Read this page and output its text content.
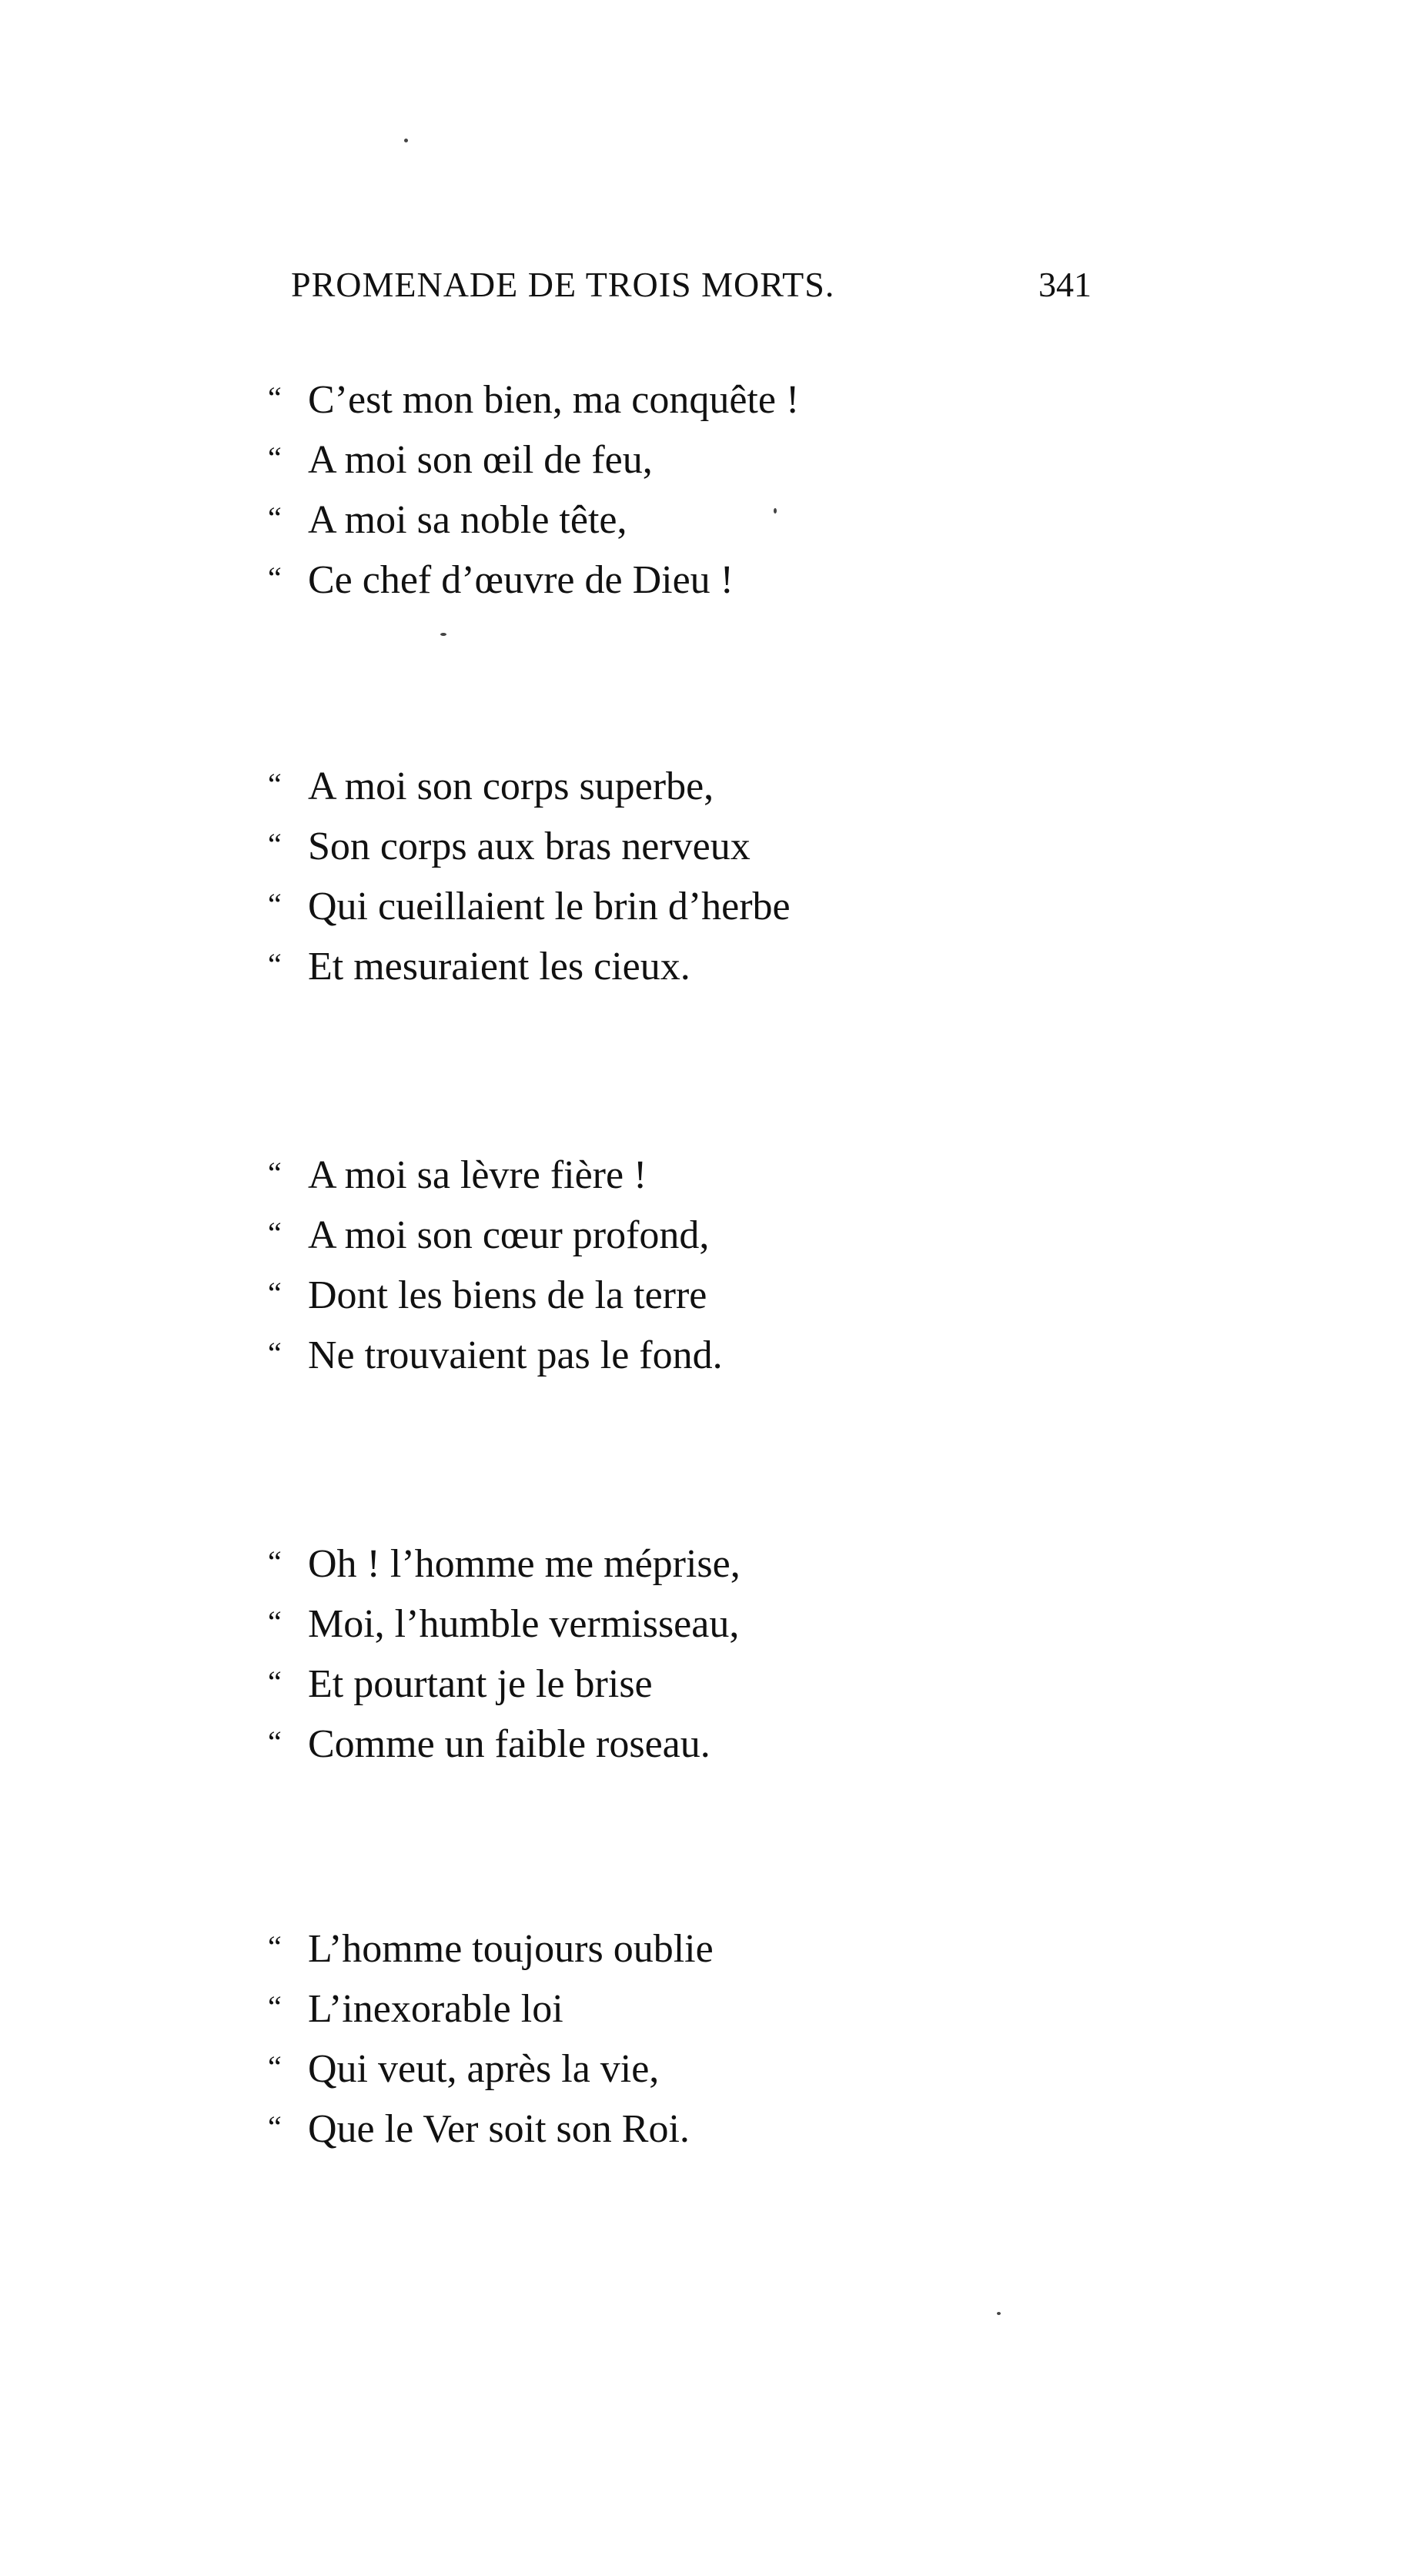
PROMENADE DE TROIS MORTS.	341
“ C’est mon bien, ma conquête !
“ A moi son œil de feu,
“ A moi sa noble tête,
“ Ce chef d’œuvre de Dieu !
“ A moi son corps superbe,
“ Son corps aux bras nerveux
“ Qui cueillaient le brin d’herbe
“ Et mesuraient les cieux.
“ A moi sa lèvre fière !
“ A moi son cœur profond,
“ Dont les biens de la terre
“ Ne trouvaient pas le fond.
“ Oh ! l’homme me méprise,
“ Moi, l’humble vermisseau,
“ Et pourtant je le brise
“ Comme un faible roseau.
“ L’homme toujours oublie
“ L’inexorable loi
“ Qui veut, après la vie,
“ Que le Ver soit son Roi.
